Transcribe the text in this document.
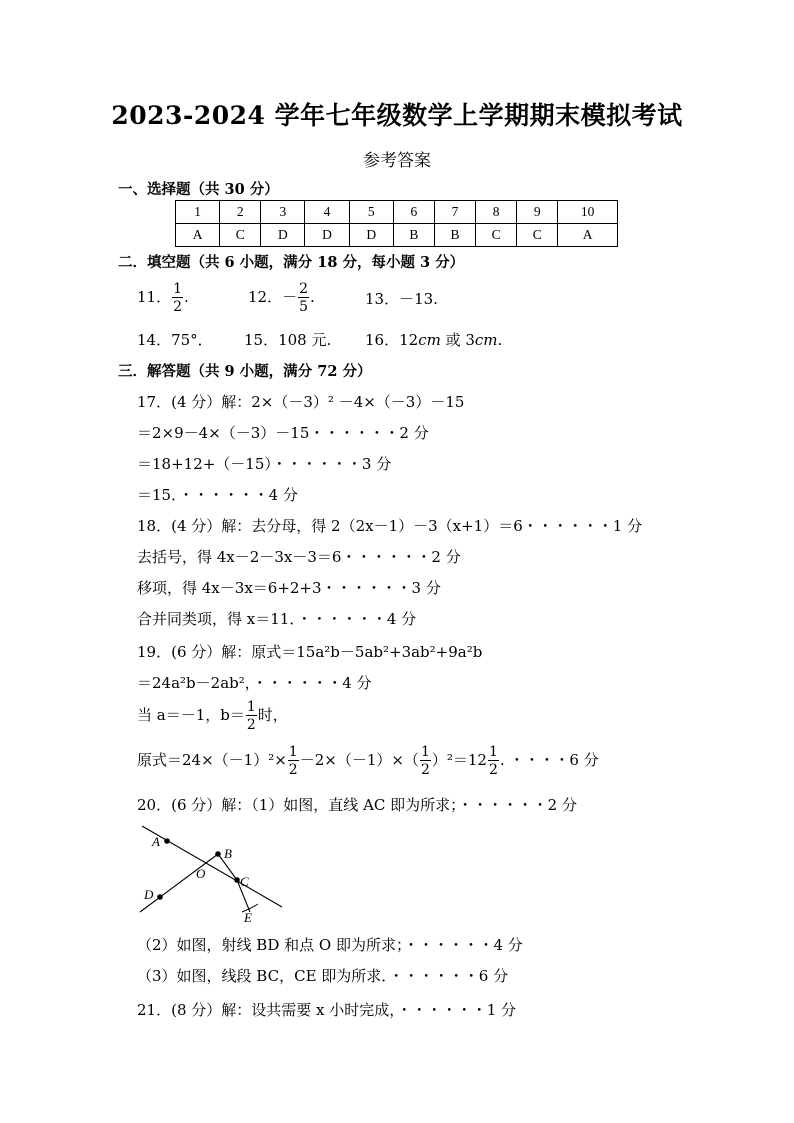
2023-2024 学年七年级数学上学期期末模拟考试
参考答案
一、选择题（共 30 分）
1	2	3	4	5	6	7	8	9	10
A	C	D	D	D	B	B	C	C	A
二．填空题（共 6 小题，满分 18 分，每小题 3 分）
11． $\frac{1}{2}$ .	12．－ $\frac{2}{5}$ .	13．－13.
14．75°． 15．108 元. 16．12cm 或 3cm.
三．解答题（共 9 小题，满分 72 分）
17．(4 分）解：2×（－3）² －4×（－3）－15
＝2×9－4×（－3）－15・・・・・・2 分
＝18+12+（－15）・・・・・・3 分
＝15．・・・・・・4 分
18．(4 分）解：去分母，得 2（2x－1）－3（x+1）＝6・・・・・・1 分
去括号，得 4x－2－3x－3＝6・・・・・・2 分
移项，得 4x－3x＝6+2+3・・・・・・3 分
合并同类项，得 x＝11．・・・・・・4 分
19．(6 分）解：原式＝15a²b－5ab²+3ab²+9a²b
＝24a²b－2ab²，・・・・・・4 分
当 a＝－1，$b= \frac{1}{2}$ 时，
原式$=24\times(-1)^2\times \frac{1}{2} -2\times(-1)\times( \frac{1}{2} )^2=12 \frac{1}{2}$ . ・・・・6 分
20．(6 分）解：（1）如图，直线 AC 即为所求；・・・・・・2 分
A
B
O
C
D
E
（2）如图，射线 BD 和点 O 即为所求；・・・・・・4 分
（3）如图，线段 BC，CE 即为所求．・・・・・・6 分
21．(8 分）解：设共需要 x 小时完成，・・・・・・1 分
